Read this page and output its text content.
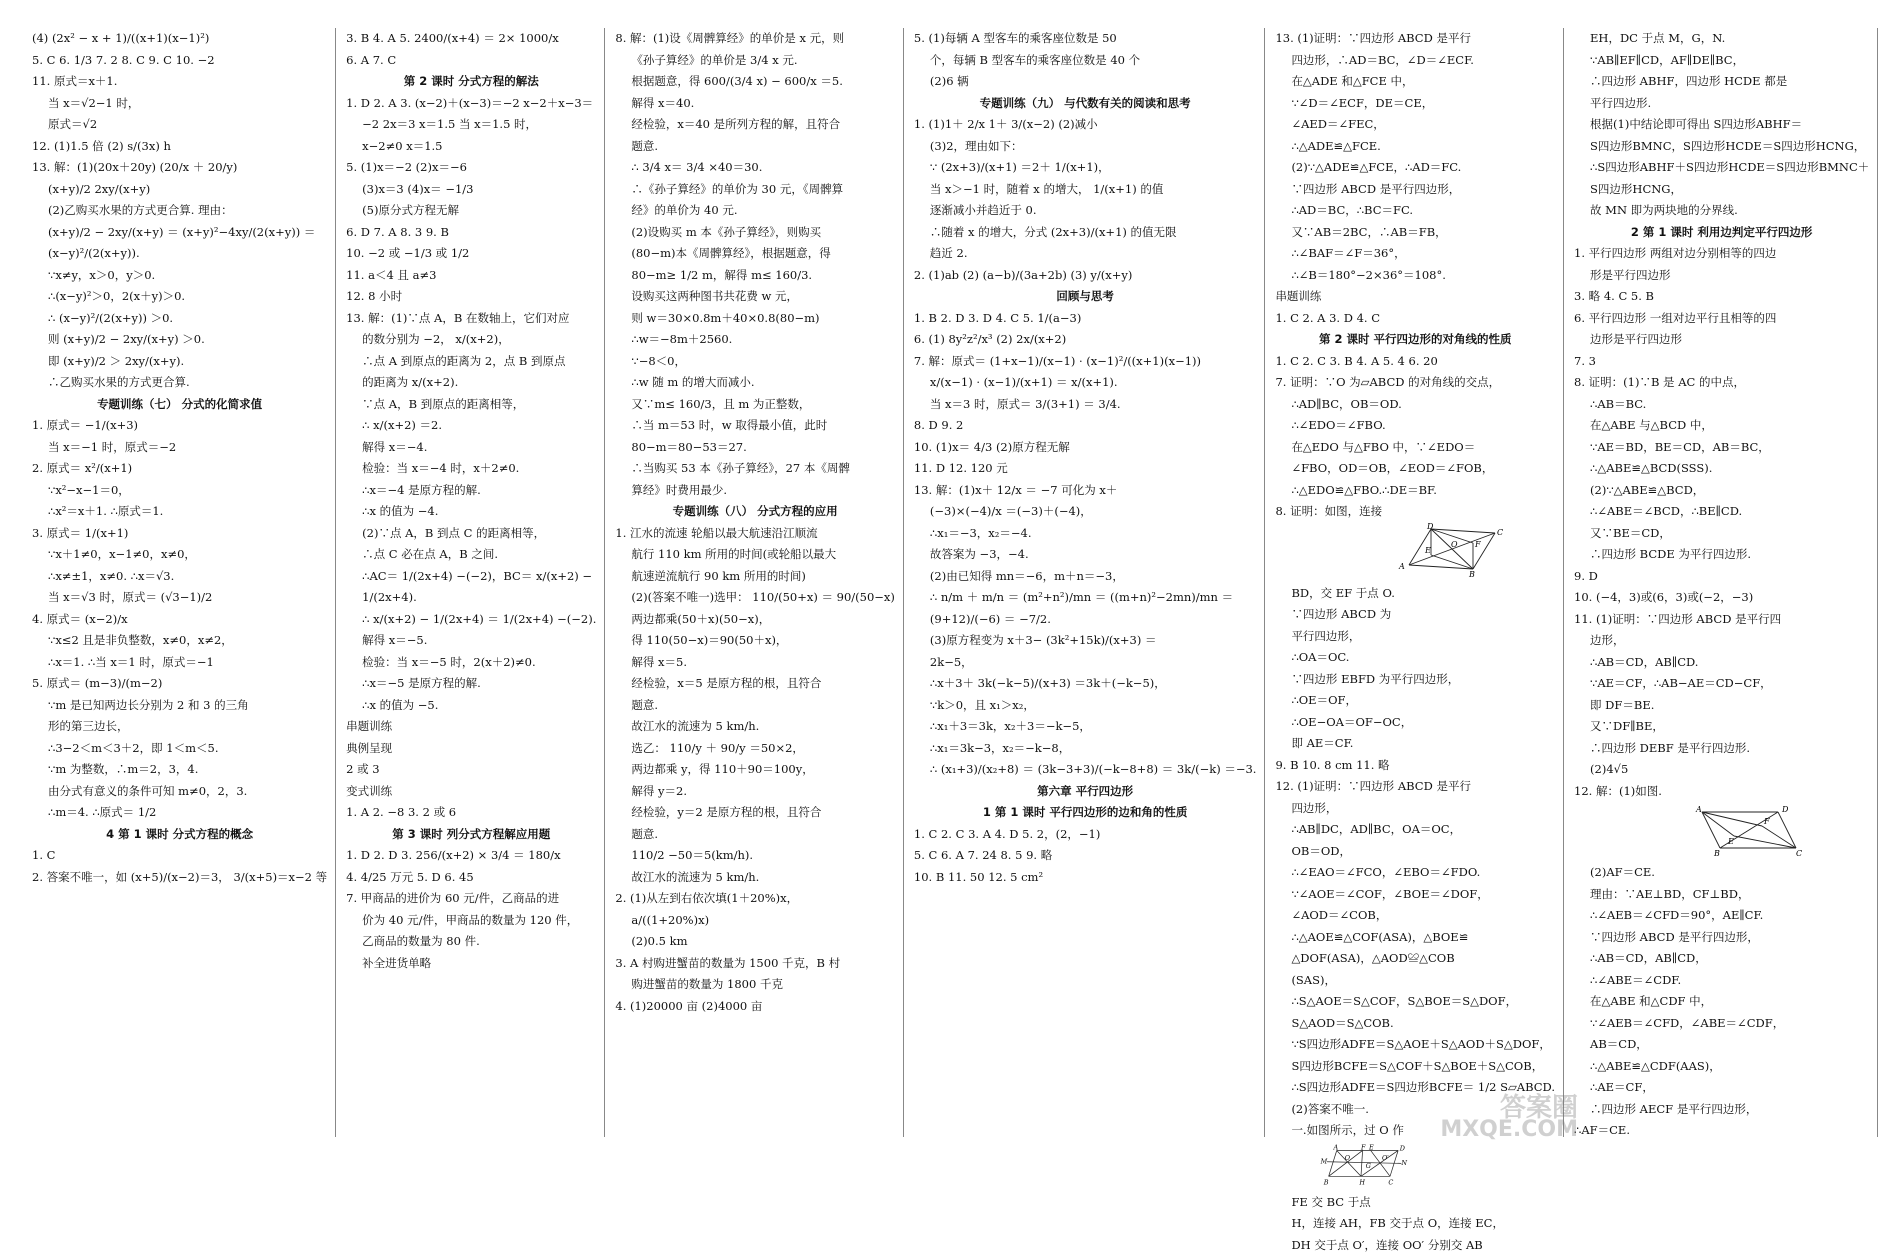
(4) (2x² − x + 1)/((x+1)(x−1)²)
5. C 6. 1/3 7. 2 8. C 9. C 10. −2
11. 原式＝x＋1.
当 x＝√2−1 时，
原式＝√2
12. (1)1.5 倍 (2) s/(3x) h
13. 解：(1)(20x＋20y) (20/x ＋ 20/y)
(x+y)/2 2xy/(x+y)
(2)乙购买水果的方式更合算. 理由：
(x+y)/2 − 2xy/(x+y) ＝ (x+y)²−4xy/(2(x+y)) ＝
(x−y)²/(2(x+y)).
∵x≠y，x＞0，y＞0.
∴(x−y)²＞0，2(x＋y)＞0.
∴ (x−y)²/(2(x+y)) ＞0.
则 (x+y)/2 − 2xy/(x+y) ＞0.
即 (x+y)/2 ＞ 2xy/(x+y).
∴乙购买水果的方式更合算.
专题训练（七） 分式的化简求值
1. 原式＝ −1/(x+3)
当 x＝−1 时，原式＝−2
2. 原式＝ x²/(x+1)
∵x²−x−1＝0，
∴x²＝x＋1. ∴原式＝1.
3. 原式＝ 1/(x+1)
∵x＋1≠0，x−1≠0，x≠0，
∴x≠±1，x≠0. ∴x＝√3.
当 x＝√3 时，原式＝ (√3−1)/2
4. 原式＝ (x−2)/x
∵x≤2 且是非负整数，x≠0，x≠2，
∴x＝1. ∴当 x＝1 时，原式＝−1
5. 原式＝ (m−3)/(m−2)
∵m 是已知两边长分别为 2 和 3 的三角
形的第三边长，
∴3−2＜m＜3＋2，即 1＜m＜5.
∵m 为整数，∴m＝2，3，4.
由分式有意义的条件可知 m≠0，2，3.
∴m＝4. ∴原式＝ 1/2
4 第 1 课时 分式方程的概念
1. C
2. 答案不唯一，如 (x+5)/(x−2)＝3， 3/(x+5)＝x−2 等
3. B 4. A 5. 2400/(x+4) ＝ 2× 1000/x
6. A 7. C
第 2 课时 分式方程的解法
1. D 2. A 3. (x−2)＋(x−3)＝−2 x−2＋x−3＝
−2 2x＝3 x＝1.5 当 x＝1.5 时，
x−2≠0 x＝1.5
5. (1)x＝−2 (2)x＝−6
(3)x＝3 (4)x＝ −1/3
(5)原分式方程无解
6. D 7. A 8. 3 9. B
10. −2 或 −1/3 或 1/2
11. a＜4 且 a≠3
12. 8 小时
13. 解：(1)∵点 A，B 在数轴上，它们对应
的数分别为 −2， x/(x+2)，
∴点 A 到原点的距离为 2，点 B 到原点
的距离为 x/(x+2).
∵点 A，B 到原点的距离相等，
∴ x/(x+2) ＝2.
解得 x＝−4.
检验：当 x＝−4 时，x＋2≠0.
∴x＝−4 是原方程的解.
∴x 的值为 −4.
(2)∵点 A，B 到点 C 的距离相等，
∴点 C 必在点 A，B 之间.
∴AC＝ 1/(2x+4) −(−2)，BC＝ x/(x+2) −
1/(2x+4).
∴ x/(x+2) − 1/(2x+4) ＝ 1/(2x+4) −(−2).
解得 x＝−5.
检验：当 x＝−5 时，2(x＋2)≠0.
∴x＝−5 是原方程的解.
∴x 的值为 −5.
串题训练
典例呈现
2 或 3
变式训练
1. A 2. −8 3. 2 或 6
第 3 课时 列分式方程解应用题
1. D 2. D 3. 256/(x+2) × 3/4 ＝ 180/x
4. 4/25 万元 5. D 6. 45
7. 甲商品的进价为 60 元/件，乙商品的进
价为 40 元/件，甲商品的数量为 120 件，
乙商品的数量为 80 件.
补全进货单略
8. 解：(1)设《周髀算经》的单价是 x 元，则
《孙子算经》的单价是 3/4 x 元.
根据题意，得 600/(3/4 x) − 600/x ＝5.
解得 x＝40.
经检验，x＝40 是所列方程的解，且符合
题意.
∴ 3/4 x＝ 3/4 ×40＝30.
∴《孙子算经》的单价为 30 元，《周髀算
经》的单价为 40 元.
(2)设购买 m 本《孙子算经》，则购买
(80−m)本《周髀算经》，根据题意，得
80−m≥ 1/2 m，解得 m≤ 160/3.
设购买这两种图书共花费 w 元，
则 w＝30×0.8m＋40×0.8(80−m)
∴w＝−8m＋2560.
∵−8＜0，
∴w 随 m 的增大而减小.
又∵m≤ 160/3，且 m 为正整数，
∴当 m＝53 时，w 取得最小值，此时
80−m＝80−53＝27.
∴当购买 53 本《孙子算经》，27 本《周髀
算经》时费用最少.
专题训练（八） 分式方程的应用
1. 江水的流速 轮船以最大航速沿江顺流
航行 110 km 所用的时间(或轮船以最大
航速逆流航行 90 km 所用的时间)
(2)(答案不唯一)选甲： 110/(50+x) ＝ 90/(50−x)
两边都乘(50＋x)(50−x)，
得 110(50−x)＝90(50＋x)，
解得 x＝5.
经检验，x＝5 是原方程的根，且符合
题意.
故江水的流速为 5 km/h.
选乙： 110/y ＋ 90/y ＝50×2，
两边都乘 y，得 110＋90＝100y，
解得 y＝2.
经检验，y＝2 是原方程的根，且符合
题意.
110/2 −50＝5(km/h).
故江水的流速为 5 km/h.
2. (1)从左到右依次填(1＋20%)x，
a/((1+20%)x)
(2)0.5 km
3. A 村购进蟹苗的数量为 1500 千克，B 村
购进蟹苗的数量为 1800 千克
4. (1)20000 亩 (2)4000 亩
5. (1)每辆 A 型客车的乘客座位数是 50
个，每辆 B 型客车的乘客座位数是 40 个
(2)6 辆
专题训练（九） 与代数有关的阅读和思考
1. (1)1＋ 2/x 1＋ 3/(x−2) (2)减小
(3)2，理由如下：
∵ (2x+3)/(x+1) ＝2＋ 1/(x+1)，
当 x＞−1 时，随着 x 的增大， 1/(x+1) 的值
逐渐减小并趋近于 0.
∴随着 x 的增大，分式 (2x+3)/(x+1) 的值无限
趋近 2.
2. (1)ab (2) (a−b)/(3a+2b) (3) y/(x+y)
回顾与思考
1. B 2. D 3. D 4. C 5. 1/(a−3)
6. (1) 8y²z²/x³ (2) 2x/(x+2)
7. 解：原式＝ (1+x−1)/(x−1) · (x−1)²/((x+1)(x−1))
x/(x−1) · (x−1)/(x+1) ＝ x/(x+1).
当 x＝3 时，原式＝ 3/(3+1) ＝ 3/4.
8. D 9. 2
10. (1)x＝ 4/3 (2)原方程无解
11. D 12. 120 元
13. 解：(1)x＋ 12/x ＝ −7 可化为 x＋
(−3)×(−4)/x ＝(−3)＋(−4)，
∴x₁＝−3，x₂＝−4.
故答案为 −3，−4.
(2)由已知得 mn＝−6，m＋n＝−3，
∴ n/m ＋ m/n ＝ (m²+n²)/mn ＝ ((m+n)²−2mn)/mn ＝
(9+12)/(−6) ＝ −7/2.
(3)原方程变为 x＋3− (3k²+15k)/(x+3) ＝
2k−5，
∴x＋3＋ 3k(−k−5)/(x+3) ＝3k＋(−k−5)，
∵k＞0，且 x₁＞x₂，
∴x₁＋3＝3k，x₂＋3＝−k−5，
∴x₁＝3k−3，x₂＝−k−8，
∴ (x₁+3)/(x₂+8) ＝ (3k−3+3)/(−k−8+8) ＝ 3k/(−k) ＝−3.
第六章 平行四边形
1 第 1 课时 平行四边形的边和角的性质
1. C 2. C 3. A 4. D 5. 2，(2，−1)
5. C 6. A 7. 24 8. 5 9. 略
10. B 11. 50 12. 5 cm²
13. (1)证明：∵四边形 ABCD 是平行
四边形，∴AD＝BC，∠D＝∠ECF.
在△ADE 和△FCE 中，
∵∠D＝∠ECF，DE＝CE，
∠AED＝∠FEC，
∴△ADE≌△FCE.
(2)∵△ADE≌△FCE，∴AD＝FC.
∵四边形 ABCD 是平行四边形，
∴AD＝BC，∴BC＝FC.
又∵AB＝2BC，∴AB＝FB，
∴∠BAF＝∠F＝36°，
∴∠B＝180°−2×36°＝108°.
串题训练
1. C 2. A 3. D 4. C
第 2 课时 平行四边形的对角线的性质
1. C 2. C 3. B 4. A 5. 4 6. 20
7. 证明：∵O 为▱ABCD 的对角线的交点，
∴AD∥BC，OB＝OD.
∴∠EDO＝∠FBO.
在△EDO 与△FBO 中，∵∠EDO＝
∠FBO，OD＝OB，∠EOD＝∠FOB，
∴△EDO≌△FBO.∴DE＝BF.
8. 证明：如图，连接
A
B
C
D
E
F
O
BD，交 EF 于点 O.
∵四边形 ABCD 为
平行四边形，
∴OA＝OC.
∵四边形 EBFD 为平行四边形，
∴OE＝OF，
∴OE−OA＝OF−OC，
即 AE＝CF.
9. B 10. 8 cm 11. 略
12. (1)证明：∵四边形 ABCD 是平行
四边形，
∴AB∥DC，AD∥BC，OA＝OC，
OB＝OD，
∴∠EAO＝∠FCO，∠EBO＝∠FDO.
∵∠AOE＝∠COF，∠BOE＝∠DOF，
∠AOD＝∠COB，
∴△AOE≌△COF(ASA)，△BOE≌
△DOF(ASA)，△AOD≌△COB
(SAS)，
∴S△AOE＝S△COF，S△BOE＝S△DOF，
S△AOD＝S△COB.
∵S四边形ADFE＝S△AOE＋S△AOD＋S△DOF，
S四边形BCFE＝S△COF＋S△BOE＋S△COB，
∴S四边形ADFE＝S四边形BCFE＝ 1/2 S▱ABCD.
(2)答案不唯一.
一.如图所示，过 O 作
A
B	C
D
E
F
H
M	N
G
O	O′
FE 交 BC 于点
H，连接 AH，FB 交于点 O，连接 EC，
DH 交于点 O′，连接 OO′ 分别交 AB
EH，DC 于点 M，G，N.
∵AB∥EF∥CD，AF∥DE∥BC，
∴四边形 ABHF，四边形 HCDE 都是
平行四边形.
根据(1)中结论即可得出 S四边形ABHF＝
S四边形BMNC，S四边形HCDE＝S四边形HCNG，
∴S四边形ABHF＋S四边形HCDE＝S四边形BMNC＋
S四边形HCNG，
故 MN 即为两块地的分界线.
2 第 1 课时 利用边判定平行四边形
1. 平行四边形 两组对边分别相等的四边
形是平行四边形
3. 略 4. C 5. B
6. 平行四边形 一组对边平行且相等的四
边形是平行四边形
7. 3
8. 证明：(1)∵B 是 AC 的中点，
∴AB＝BC.
在△ABE 与△BCD 中，
∵AE＝BD，BE＝CD，AB＝BC，
∴△ABE≌△BCD(SSS).
(2)∵△ABE≌△BCD，
∴∠ABE＝∠BCD，∴BE∥CD.
又∵BE＝CD，
∴四边形 BCDE 为平行四边形.
9. D
10. (−4，3)或(6，3)或(−2，−3)
11. (1)证明：∵四边形 ABCD 是平行四
边形，
∴AB＝CD，AB∥CD.
∵AE＝CF，∴AB−AE＝CD−CF，
即 DF＝BE.
又∵DF∥BE，
∴四边形 DEBF 是平行四边形.
(2)4√5
12. 解：(1)如图.
A
B	C
D
E
F
(2)AF＝CE.
理由：∵AE⊥BD，CF⊥BD，
∴∠AEB＝∠CFD＝90°，AE∥CF.
∵四边形 ABCD 是平行四边形，
∴AB＝CD，AB∥CD，
∴∠ABE＝∠CDF.
在△ABE 和△CDF 中，
∵∠AEB＝∠CFD，∠ABE＝∠CDF，
AB＝CD，
∴△ABE≌△CDF(AAS)，
∴AE＝CF，
∴四边形 AECF 是平行四边形，
∴AF＝CE.
答案圈
MXQE.COM
